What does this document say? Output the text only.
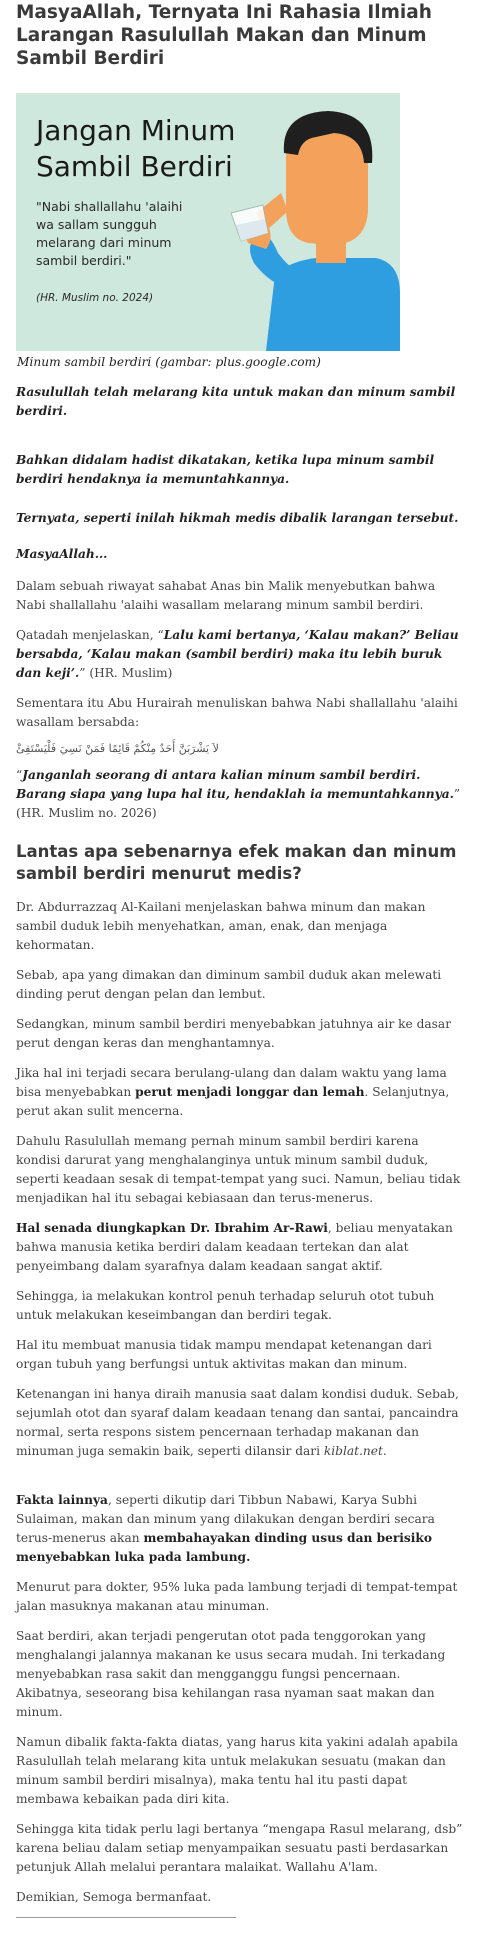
MasyaAllah, Ternyata Ini Rahasia Ilmiah Larangan Rasulullah Makan dan Minum Sambil Berdiri
Jangan Minum
Sambil Berdiri
"Nabi shallallahu 'alaihi
wa sallam sungguh
melarang dari minum
sambil berdiri."
(HR. Muslim no. 2024)
Minum sambil berdiri (gambar: plus.google.com)

Rasulullah telah melarang kita untuk makan dan minum sambil berdiri.

Bahkan didalam hadist dikatakan, ketika lupa minum sambil berdiri hendaknya ia memuntahkannya.

Ternyata, seperti inilah hikmah medis dibalik larangan tersebut.

MasyaAllah...

Dalam sebuah riwayat sahabat Anas bin Malik menyebutkan bahwa Nabi shallallahu 'alaihi wasallam melarang minum sambil berdiri.

Qatadah menjelaskan, “Lalu kami bertanya, ‘Kalau makan?’ Beliau bersabda, ‘Kalau makan (sambil berdiri) maka itu lebih buruk dan keji’.” (HR. Muslim)

Sementara itu Abu Hurairah menuliskan bahwa Nabi shallallahu 'alaihi wasallam bersabda:

لاَ يَشْرَبَنَّ أَحَدٌ مِنْكُمْ قَائِمًا فَمَنْ نَسِيَ فَلْيَسْتَقِئْ

“Janganlah seorang di antara kalian minum sambil berdiri. Barang siapa yang lupa hal itu, hendaklah ia memuntahkannya.” (HR. Muslim no. 2026)

Lantas apa sebenarnya efek makan dan minum sambil berdiri menurut medis?

Dr. Abdurrazzaq Al-Kailani menjelaskan bahwa minum dan makan sambil duduk lebih menyehatkan, aman, enak, dan menjaga kehormatan.

Sebab, apa yang dimakan dan diminum sambil duduk akan melewati dinding perut dengan pelan dan lembut.

Sedangkan, minum sambil berdiri menyebabkan jatuhnya air ke dasar perut dengan keras dan menghantamnya.

Jika hal ini terjadi secara berulang-ulang dan dalam waktu yang lama bisa menyebabkan perut menjadi longgar dan lemah. Selanjutnya, perut akan sulit mencerna.

Dahulu Rasulullah memang pernah minum sambil berdiri karena kondisi darurat yang menghalanginya untuk minum sambil duduk, seperti keadaan sesak di tempat-tempat yang suci. Namun, beliau tidak menjadikan hal itu sebagai kebiasaan dan terus-menerus.

Hal senada diungkapkan Dr. Ibrahim Ar-Rawi, beliau menyatakan bahwa manusia ketika berdiri dalam keadaan tertekan dan alat penyeimbang dalam syarafnya dalam keadaan sangat aktif.

Sehingga, ia melakukan kontrol penuh terhadap seluruh otot tubuh untuk melakukan keseimbangan dan berdiri tegak.

Hal itu membuat manusia tidak mampu mendapat ketenangan dari organ tubuh yang berfungsi untuk aktivitas makan dan minum.

Ketenangan ini hanya diraih manusia saat dalam kondisi duduk. Sebab, sejumlah otot dan syaraf dalam keadaan tenang dan santai, pancaindra normal, serta respons sistem pencernaan terhadap makanan dan minuman juga semakin baik, seperti dilansir dari kiblat.net.

Fakta lainnya, seperti dikutip dari Tibbun Nabawi, Karya Subhi Sulaiman, makan dan minum yang dilakukan dengan berdiri secara terus-menerus akan membahayakan dinding usus dan berisiko menyebabkan luka pada lambung.

Menurut para dokter, 95% luka pada lambung terjadi di tempat-tempat jalan masuknya makanan atau minuman.

Saat berdiri, akan terjadi pengerutan otot pada tenggorokan yang menghalangi jalannya makanan ke usus secara mudah. Ini terkadang menyebabkan rasa sakit dan mengganggu fungsi pencernaan. Akibatnya, seseorang bisa kehilangan rasa nyaman saat makan dan minum.

Namun dibalik fakta-fakta diatas, yang harus kita yakini adalah apabila Rasulullah telah melarang kita untuk melakukan sesuatu (makan dan minum sambil berdiri misalnya), maka tentu hal itu pasti dapat membawa kebaikan pada diri kita.

Sehingga kita tidak perlu lagi bertanya “mengapa Rasul melarang, dsb” karena beliau dalam setiap menyampaikan sesuatu pasti berdasarkan petunjuk Allah melalui perantara malaikat. Wallahu A'lam.

Demikian, Semoga bermanfaat.
